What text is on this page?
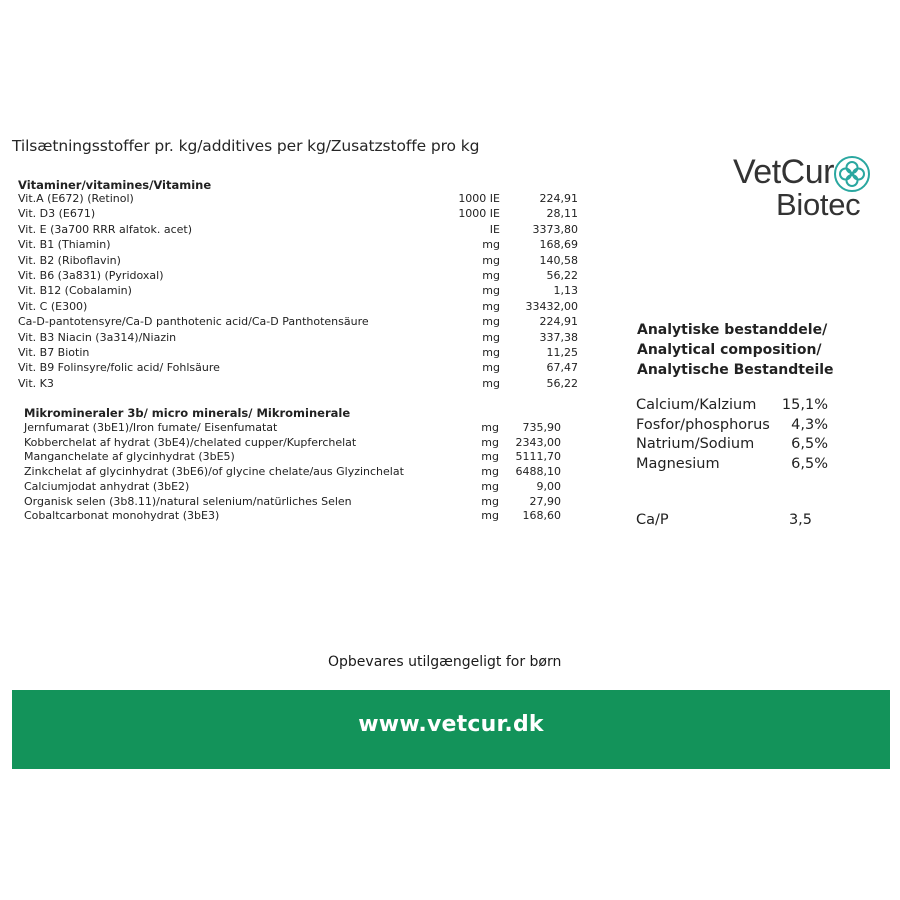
Tilsætningsstoffer pr. kg/additives per kg/Zusatzstoffe pro kg
Vitaminer/vitamines/Vitamine
Vit.A (E672) (Retinol)	1000 IE	224,91
Vit. D3 (E671)	1000 IE	28,11
Vit. E (3a700 RRR alfatok. acet)	IE	3373,80
Vit. B1 (Thiamin)	mg	168,69
Vit. B2 (Riboflavin)	mg	140,58
Vit. B6 (3a831) (Pyridoxal)	mg	56,22
Vit. B12 (Cobalamin)	mg	1,13
Vit. C (E300)	mg	33432,00
Ca-D-pantotensyre/Ca-D panthotenic acid/Ca-D Panthotensäure	mg	224,91
Vit. B3 Niacin (3a314)/Niazin	mg	337,38
Vit. B7 Biotin	mg	11,25
Vit. B9 Folinsyre/folic acid/ Fohlsäure	mg	67,47
Vit. K3	mg	56,22
Mikromineraler 3b/ micro minerals/ Mikrominerale
Jernfumarat (3bE1)/Iron fumate/ Eisenfumatat	mg	735,90
Kobberchelat af hydrat (3bE4)/chelated cupper/Kupferchelat	mg	2343,00
Manganchelate af glycinhydrat (3bE5)	mg	5111,70
Zinkchelat af glycinhydrat (3bE6)/of glycine chelate/aus Glyzinchelat	mg	6488,10
Calciumjodat anhydrat (3bE2)	mg	9,00
Organisk selen (3b8.11)/natural selenium/natürliches Selen	mg	27,90
Cobaltcarbonat monohydrat (3bE3)	mg	168,60
VetCur
Biotec
Analytiske bestanddele/
Analytical composition/
Analytische Bestandteile
Calcium/Kalzium 15,1%
Fosfor/phosphorus 4,3%
Natrium/Sodium	6,5%
Magnesium	6,5%
Ca/P	3,5
Opbevares utilgængeligt for børn
www.vetcur.dk
